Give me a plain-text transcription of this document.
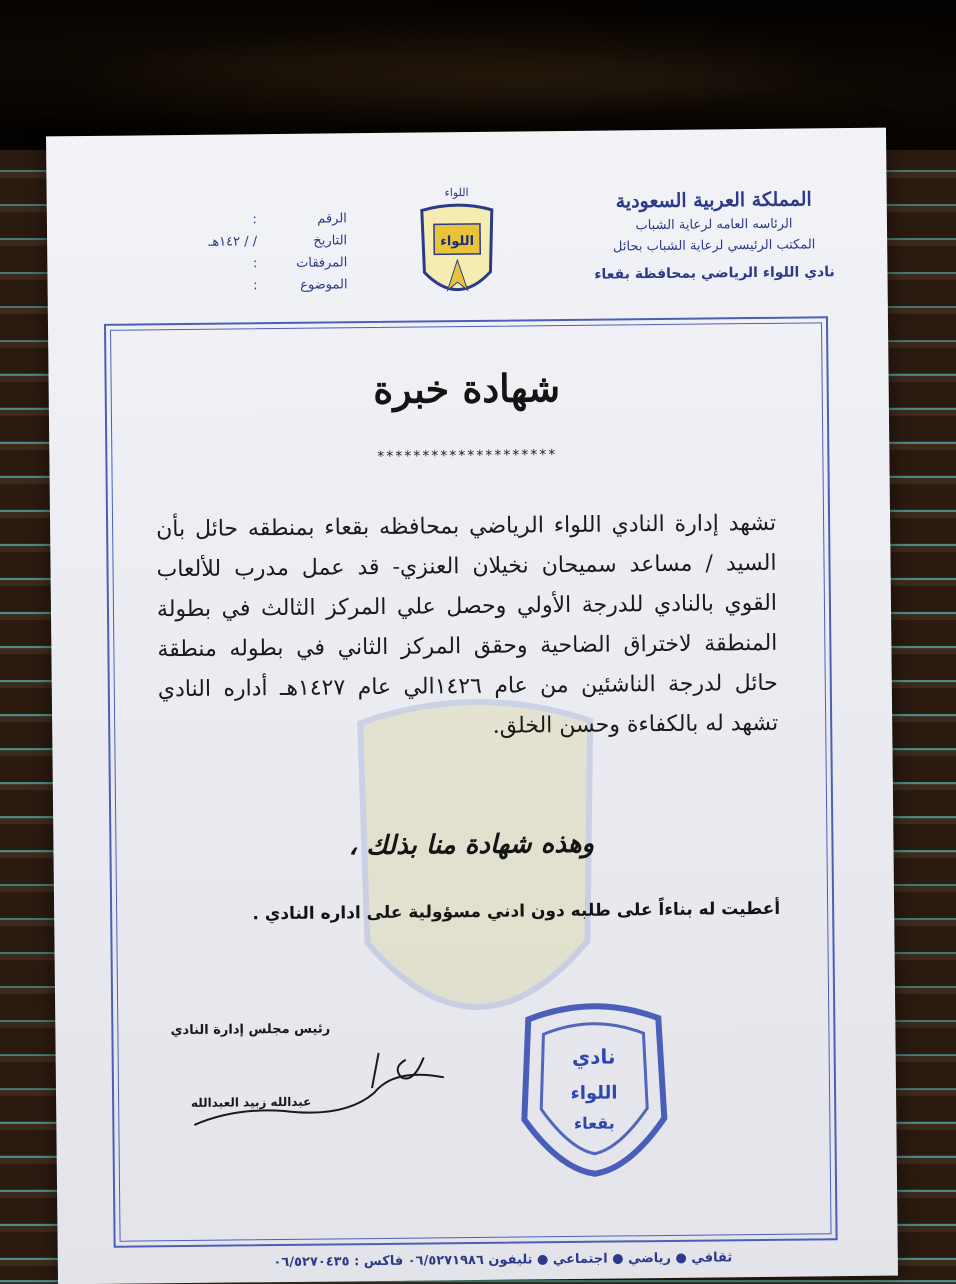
المملكة العربية السعودية
الرئاسه العامه لرعاية الشباب
المكتب الرئيسي لرعاية الشباب بحائل
نادي اللواء الرياضي بمحافظة بقعاء
اللواء
اللواء
الرقم
:
التاريخ
/ / ١٤٢هـ
المرفقات
:
الموضوع
:
شهادة خبرة
********************
تشهد إدارة النادي اللواء الرياضي بمحافظه بقعاء بمنطقه حائل بأن السيد / مساعد سميحان نخيلان العنزي- قد عمل مدرب للألعاب القوي بالنادي للدرجة الأولي وحصل علي المركز الثالث في بطولة المنطقة لاختراق الضاحية وحقق المركز الثاني في بطوله منطقة حائل لدرجة الناشئين من عام ١٤٢٦الي عام ١٤٢٧هـ أداره النادي تشهد له بالكفاءة وحسن الخلق.
وهذه شهادة منا بذلك ،
أعطيت له بناءاً على طلبه دون ادني مسؤولية على اداره النادي .
رئيس مجلس إدارة النادي
عبدالله زبيد العبدالله
نادي
اللواء
بقعاء
ثقافي ● رياضي ● اجتماعي ● تليفون ٠٦/٥٢٧١٩٨٦ فاكس : ٠٦/٥٢٧٠٤٣٥
